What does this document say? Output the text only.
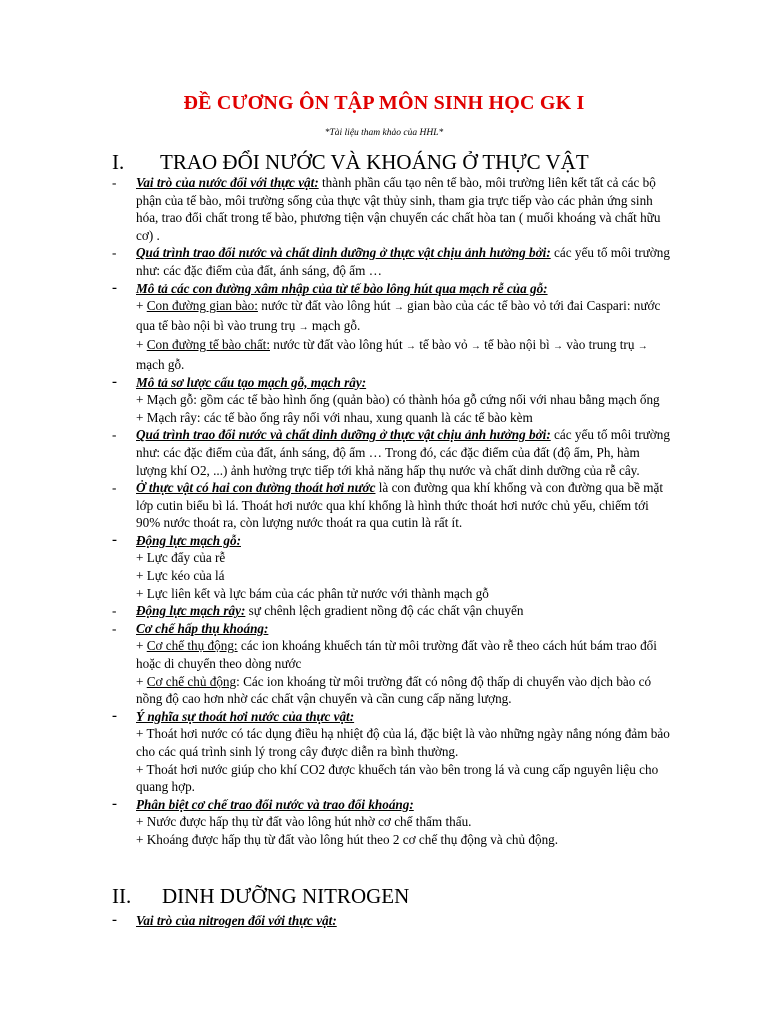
ĐỀ CƯƠNG ÔN TẬP MÔN SINH HỌC GK I
*Tài liệu tham khảo của HHL*
I. TRAO ĐỔI NƯỚC VÀ KHOÁNG Ở THỰC VẬT
-	Vai trò của nước đối với thực vật: thành phần cấu tạo nên tế bào, môi trường liên kết tất cả các bộ phận của tế bào, môi trường sống của thực vật thủy sinh, tham gia trực tiếp vào các phản ứng sinh hóa, trao đổi chất trong tế bào, phương tiện vận chuyển các chất hòa tan ( muối khoáng và chất hữu cơ) .
-	Quá trình trao đổi nước và chất dinh dưỡng ở thực vật chịu ảnh hưởng bởi: các yếu tố môi trường như: các đặc điểm của đất, ánh sáng, độ ẩm …
-	Mô tả các con đường xâm nhập của từ tế bào lông hút qua mạch rễ của gỗ:
+ Con đường gian bào: nước từ đất vào lông hút → gian bào của các tế bào vỏ tới đai Caspari: nước qua tế bào nội bì vào trung trụ → mạch gỗ.
+ Con đường tế bào chất: nước từ đất vào lông hút → tế bào vỏ → tế bào nội bì → vào trung trụ → mạch gỗ.
-	Mô tả sơ lược cấu tạo mạch gỗ, mạch rây:
+ Mạch gỗ: gồm các tế bào hình ống (quản bào) có thành hóa gỗ cứng nối với nhau bằng mạch ống
+ Mạch rây: các tế bào ống rây nối với nhau, xung quanh là các tế bào kèm
-	Quá trình trao đổi nước và chất dinh dưỡng ở thực vật chịu ảnh hưởng bởi: các yếu tố môi trường như: các đặc điểm của đất, ánh sáng, độ ẩm … Trong đó, các đặc điểm của đất (độ ẩm, Ph, hàm lượng khí O2, ...) ảnh hưởng trực tiếp tới khả năng hấp thụ nước và chất dinh dưỡng của rễ cây.
-	Ở thực vật có hai con đường thoát hơi nước là con đường qua khí khổng và con đường qua bề mặt lớp cutin biểu bì lá. Thoát hơi nước qua khí khổng là hình thức thoát hơi nước chủ yếu, chiếm tới 90% nước thoát ra, còn lượng nước thoát ra qua cutin là rất ít.
-	Động lực mạch gỗ:
+ Lực đẩy của rễ
+ Lực kéo của lá
+ Lực liên kết và lực bám của các phân tử nước với thành mạch gỗ
-	Động lực mạch rây: sự chênh lệch gradient nồng độ các chất vận chuyển
-	Cơ chế hấp thụ khoáng:
+ Cơ chế thụ động: các ion khoáng khuếch tán từ môi trường đất vào rễ theo cách hút bám trao đổi hoặc di chuyển theo dòng nước
+ Cơ chế chủ động: Các ion khoáng từ môi trường đất có nông độ thấp di chuyển vào dịch bào có nồng độ cao hơn nhờ các chất vận chuyển và cần cung cấp năng lượng.
-	Ý nghĩa sự thoát hơi nước của thực vật:
+ Thoát hơi nước có tác dụng điều hạ nhiệt độ của lá, đặc biệt là vào những ngày nắng nóng đảm bảo cho các quá trình sinh lý trong cây được diễn ra bình thường.
+ Thoát hơi nước giúp cho khí CO2 được khuếch tán vào bên trong lá và cung cấp nguyên liệu cho quang hợp.
-	Phân biệt cơ chế trao đổi nước và trao đổi khoáng:
+ Nước được hấp thụ từ đất vào lông hút nhờ cơ chế thẩm thấu.
+ Khoáng được hấp thụ từ đất vào lông hút theo 2 cơ chế thụ động và chủ động.
II. DINH DƯỠNG NITROGEN
-	Vai trò của nitrogen đối với thực vật:
